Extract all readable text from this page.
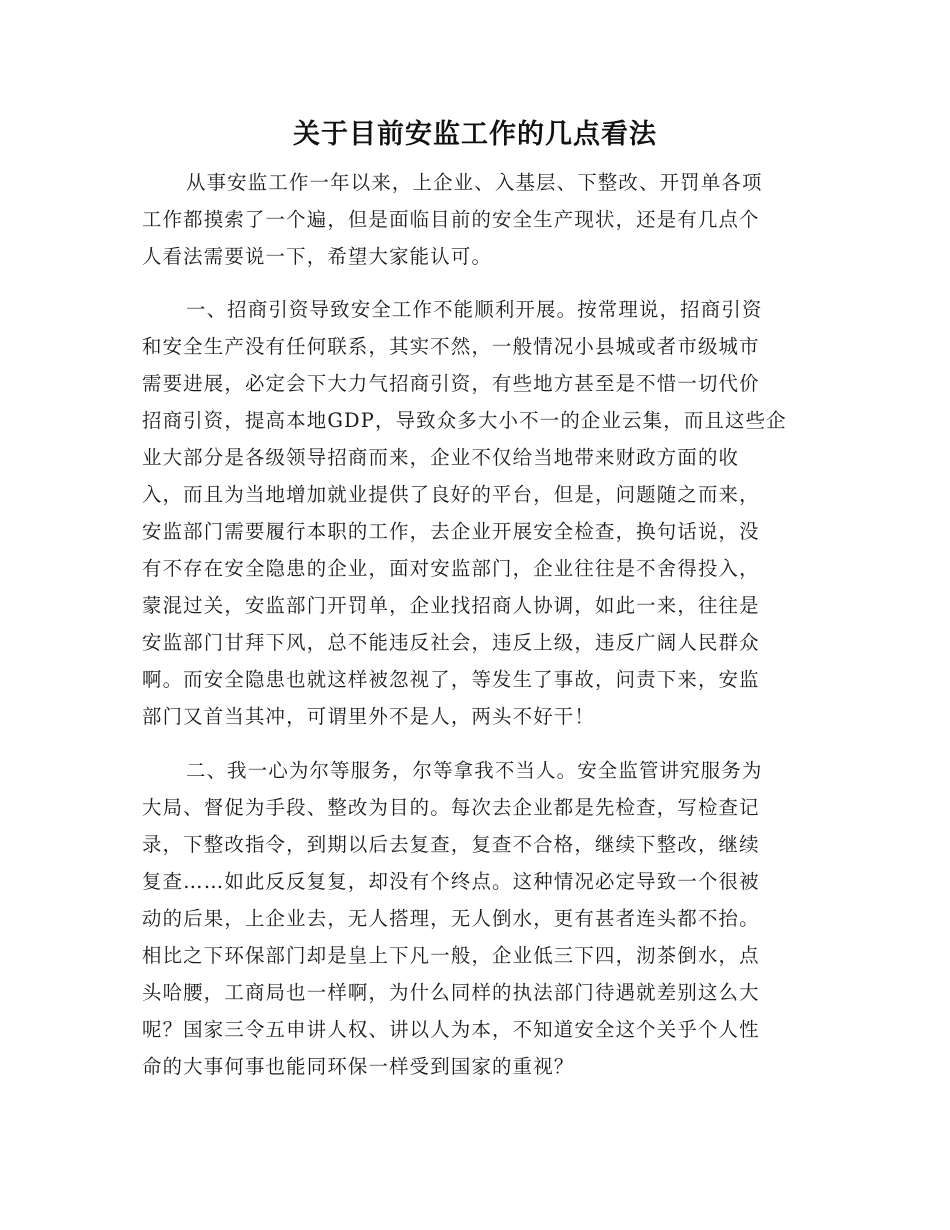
关于目前安监工作的几点看法
从事安监工作一年以来，上企业、入基层、下整改、开罚单各项
工作都摸索了一个遍，但是面临目前的安全生产现状，还是有几点个
人看法需要说一下，希望大家能认可。
一、招商引资导致安全工作不能顺利开展。按常理说，招商引资
和安全生产没有任何联系，其实不然，一般情况小县城或者市级城市
需要进展，必定会下大力气招商引资，有些地方甚至是不惜一切代价
招商引资，提高本地GDP，导致众多大小不一的企业云集，而且这些企
业大部分是各级领导招商而来，企业不仅给当地带来财政方面的收
入，而且为当地增加就业提供了良好的平台，但是，问题随之而来，
安监部门需要履行本职的工作，去企业开展安全检查，换句话说，没
有不存在安全隐患的企业，面对安监部门，企业往往是不舍得投入，
蒙混过关，安监部门开罚单，企业找招商人协调，如此一来，往往是
安监部门甘拜下风，总不能违反社会，违反上级，违反广阔人民群众
啊。而安全隐患也就这样被忽视了，等发生了事故，问责下来，安监
部门又首当其冲，可谓里外不是人，两头不好干！
二、我一心为尔等服务，尔等拿我不当人。安全监管讲究服务为
大局、督促为手段、整改为目的。每次去企业都是先检查，写检查记
录，下整改指令，到期以后去复查，复查不合格，继续下整改，继续
复查……如此反反复复，却没有个终点。这种情况必定导致一个很被
动的后果，上企业去，无人搭理，无人倒水，更有甚者连头都不抬。
相比之下环保部门却是皇上下凡一般，企业低三下四，沏茶倒水，点
头哈腰，工商局也一样啊，为什么同样的执法部门待遇就差别这么大
呢？国家三令五申讲人权、讲以人为本，不知道安全这个关乎个人性
命的大事何事也能同环保一样受到国家的重视？
